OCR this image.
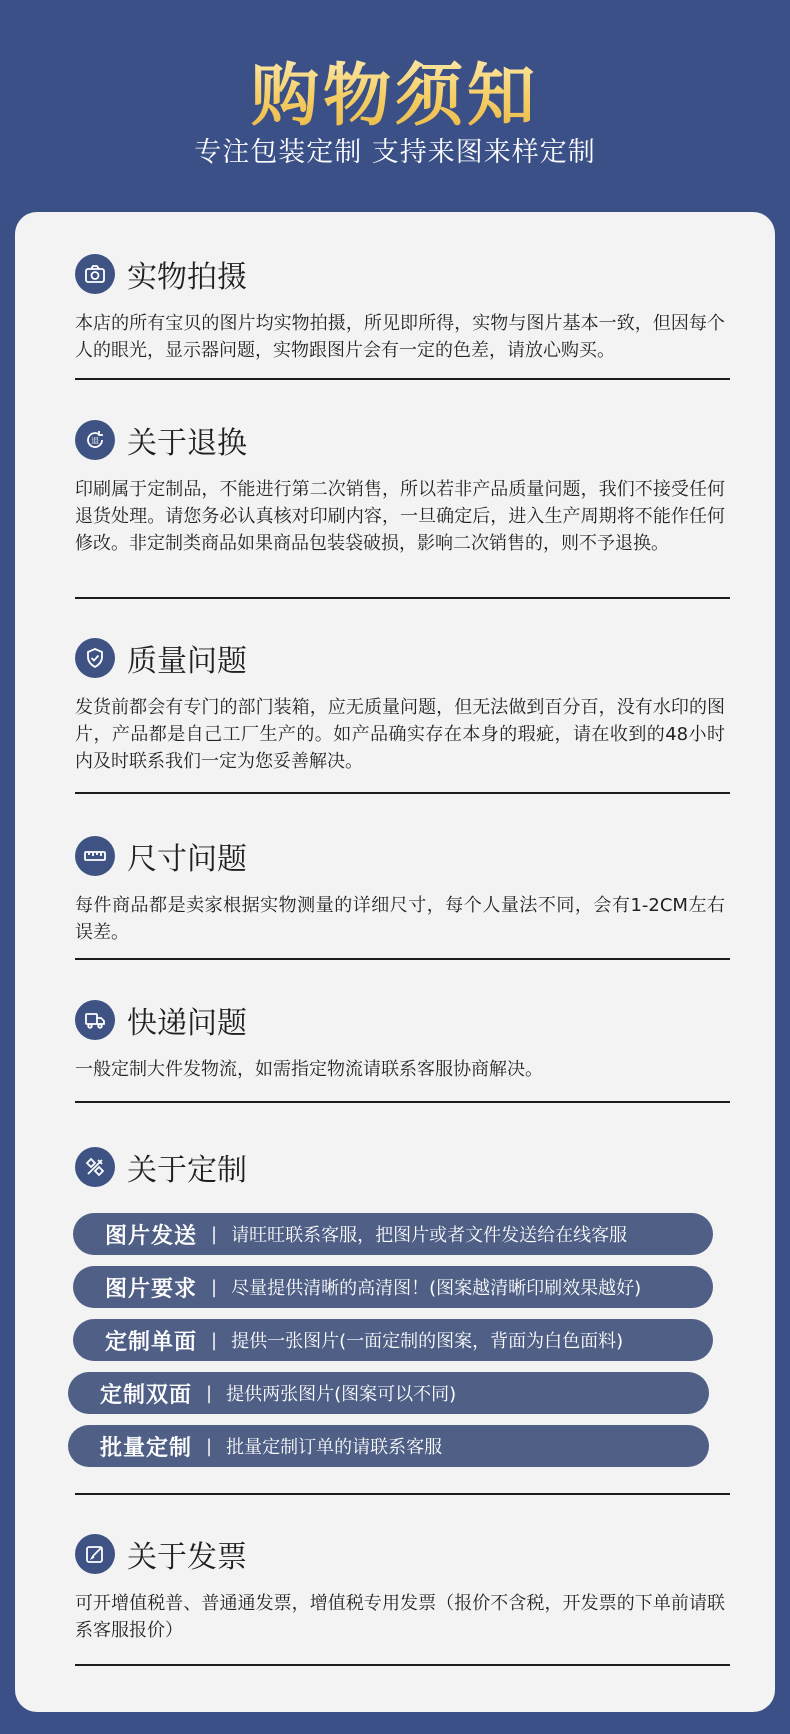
购物须知
专注包装定制 支持来图来样定制
实物拍摄
本店的所有宝贝的图片均实物拍摄，所见即所得，实物与图片基本一致，但因每个人的眼光，显示器问题，实物跟图片会有一定的色差，请放心购买。
退 关于退换
印刷属于定制品，不能进行第二次销售，所以若非产品质量问题，我们不接受任何退货处理。请您务必认真核对印刷内容，一旦确定后，进入生产周期将不能作任何修改。非定制类商品如果商品包装袋破损，影响二次销售的，则不予退换。
质量问题
发货前都会有专门的部门装箱，应无质量问题，但无法做到百分百，没有水印的图片，产品都是自己工厂生产的。如产品确实存在本身的瑕疵，请在收到的48小时内及时联系我们一定为您妥善解决。
尺寸问题
每件商品都是卖家根据实物测量的详细尺寸，每个人量法不同，会有1-2CM左右误差。
快递问题
一般定制大件发物流，如需指定物流请联系客服协商解决。
关于定制
图片发送 | 请旺旺联系客服，把图片或者文件发送给在线客服
图片要求 | 尽量提供清晰的高清图！(图案越清晰印刷效果越好)
定制单面 | 提供一张图片(一面定制的图案，背面为白色面料)
定制双面 | 提供两张图片(图案可以不同)
批量定制 | 批量定制订单的请联系客服
关于发票
可开增值税普、普通通发票，增值税专用发票（报价不含税，开发票的下单前请联系客服报价）
